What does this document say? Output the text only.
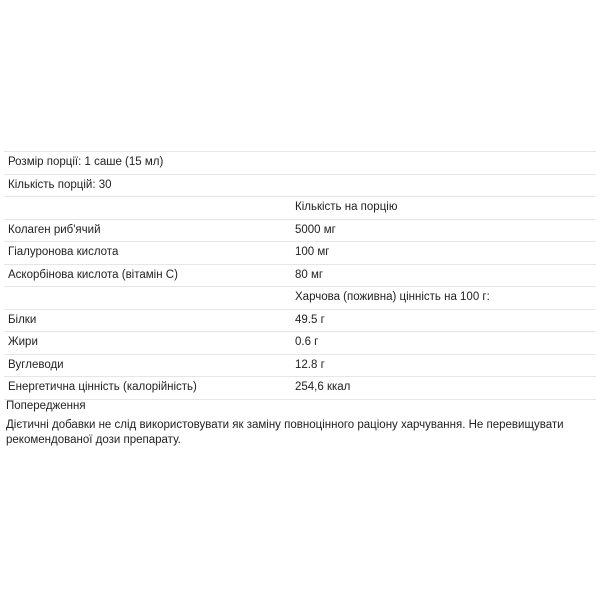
Розмір порції: 1 саше (15 мл)	
Кількість порцій: 30	
	Кількість на порцію
Колаген риб'ячий	5000 мг
Гіалуронова кислота	100 мг
Аскорбінова кислота (вітамін С)	80 мг
	Харчова (поживна) цінність на 100 г:
Білки	49.5 г
Жири	0.6 г
Вуглеводи	12.8 г
Енергетична цінність (калорійність)	254,6 ккал
Попередження
Дієтичні добавки не слід використовувати як заміну повноцінного раціону харчування. Не перевищувати рекомендованої дози препарату.
